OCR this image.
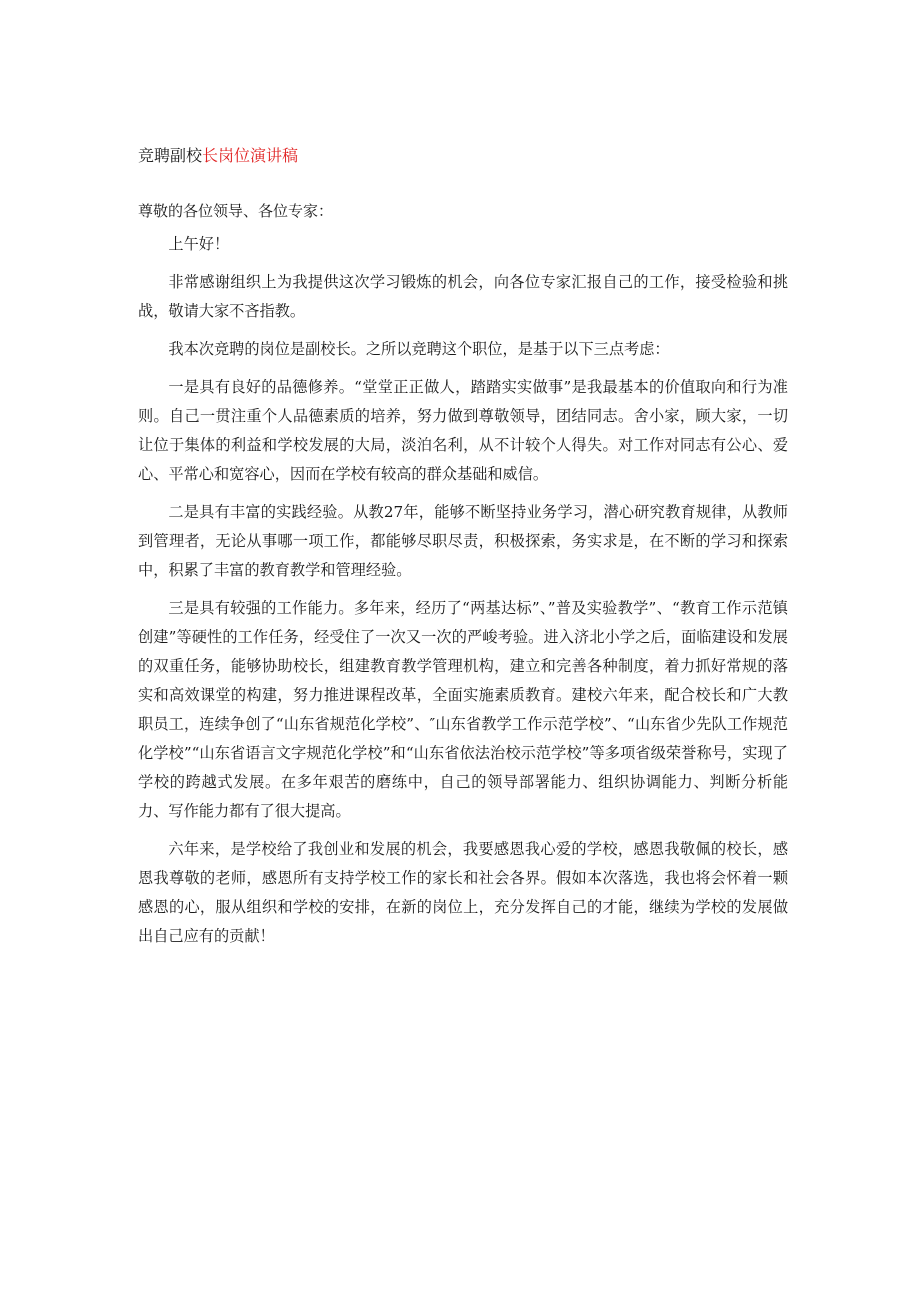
竞聘副校长岗位演讲稿
尊敬的各位领导、各位专家：

上午好！

非常感谢组织上为我提供这次学习锻炼的机会，向各位专家汇报自己的工作，接受检验和挑战，敬请大家不吝指教。

我本次竞聘的岗位是副校长。之所以竞聘这个职位，是基于以下三点考虑：

一是具有良好的品德修养。“堂堂正正做人，踏踏实实做事”是我最基本的价值取向和行为准则。自己一贯注重个人品德素质的培养，努力做到尊敬领导，团结同志。舍小家，顾大家，一切让位于集体的利益和学校发展的大局，淡泊名利，从不计较个人得失。对工作对同志有公心、爱心、平常心和宽容心，因而在学校有较高的群众基础和威信。

二是具有丰富的实践经验。从教27年，能够不断坚持业务学习，潜心研究教育规律，从教师到管理者，无论从事哪一项工作，都能够尽职尽责，积极探索，务实求是，在不断的学习和探索中，积累了丰富的教育教学和管理经验。

三是具有较强的工作能力。多年来，经历了“两基达标”、”普及实验教学”、“教育工作示范镇创建”等硬性的工作任务，经受住了一次又一次的严峻考验。进入济北小学之后，面临建设和发展的双重任务，能够协助校长，组建教育教学管理机构，建立和完善各种制度，着力抓好常规的落实和高效课堂的构建，努力推进课程改革，全面实施素质教育。建校六年来，配合校长和广大教职员工，连续争创了“山东省规范化学校”、″山东省教学工作示范学校”、“山东省少先队工作规范化学校”“山东省语言文字规范化学校”和“山东省依法治校示范学校”等多项省级荣誉称号，实现了学校的跨越式发展。在多年艰苦的磨练中，自己的领导部署能力、组织协调能力、判断分析能力、写作能力都有了很大提高。

六年来，是学校给了我创业和发展的机会，我要感恩我心爱的学校，感恩我敬佩的校长，感恩我尊敬的老师，感恩所有支持学校工作的家长和社会各界。假如本次落选，我也将会怀着一颗感恩的心，服从组织和学校的安排，在新的岗位上，充分发挥自己的才能，继续为学校的发展做出自己应有的贡献！
